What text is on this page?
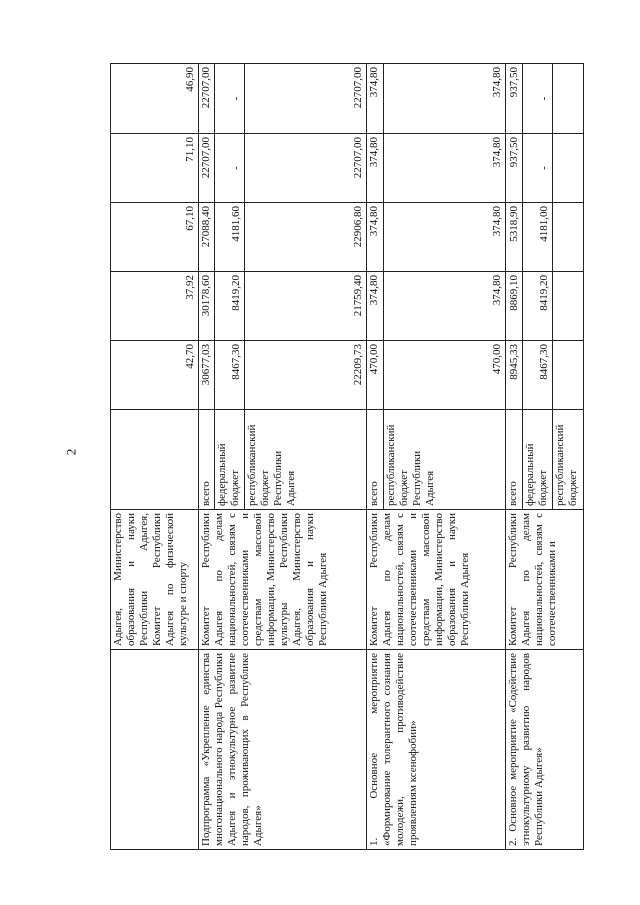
2
	Адыгея, Министерство образования и науки Республики Адыгея, Комитет Республики Адыгея по физической культуре и спорту		42,70	37,92	67,10	71,10	46,90
Подпрограмма «Укрепление единства многонационального народа Республики Адыгея и этнокультурное развитие народов, проживающих в Республике Адыгея»	Комитет Республики Адыгея по делам национальностей, связям с соотечественниками и средствам массовой информации, Министерство культуры Республики Адыгея, Министерство образования и науки Республики Адыгея	всего	30677,03	30178,60	27088,40	22707,00	22707,00
		федеральный бюджет	8467,30	8419,20	4181,60	-	-
		республиканский бюджет Республики Адыгея	22209,73	21759,40	22906,80	22707,00	22707,00
1. Основное мероприятие «Формирование толерантного сознания молодежи, противодействие проявлениям ксенофобии»	Комитет Республики Адыгея по делам национальностей, связям с соотечественниками и средствам массовой информации, Министерство образования и науки Республики Адыгея	всего	470,00	374,80	374,80	374,80	374,80
		республиканский бюджет Республики Адыгея	470,00	374,80	374,80	374,80	374,80
2. Основное мероприятие «Содействие этнокультурному развитию народов Республики Адыгея»	Комитет Республики Адыгея по делам национальностей, связям с соотечественниками и	всего	8945,33	8869,10	5318,90	937,50	937,50
		федеральный бюджет	8467,30	8419,20	4181,00	-	-
		республиканский бюджет					
